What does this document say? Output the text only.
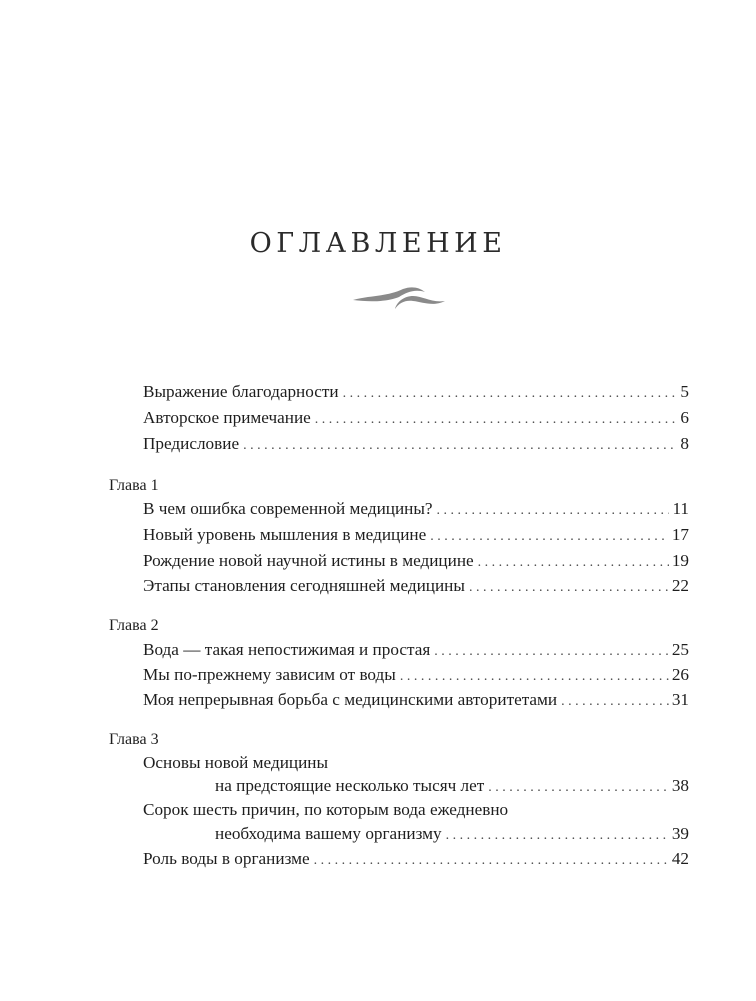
ОГЛАВЛЕНИЕ
Выражение благодарности . . .	5
Авторское примечание . . .	6
Предисловие . . .	8
Глава 1
В чем ошибка современной медицины? . . .	11
Новый уровень мышления в медицине . . .	17
Рождение новой научной истины в медицине . . .	19
Этапы становления сегодняшней медицины . . .	22
Глава 2
Вода — такая непостижимая и простая . . .	25
Мы по-прежнему зависим от воды . . .	26
Моя непрерывная борьба с медицинскими авторитетами . . .	31
Глава 3
Основы новой медицины
на предстоящие несколько тысяч лет . . .	38
Сорок шесть причин, по которым вода ежедневно
необходима вашему организму . . .	39
Роль воды в организме . . .	42
